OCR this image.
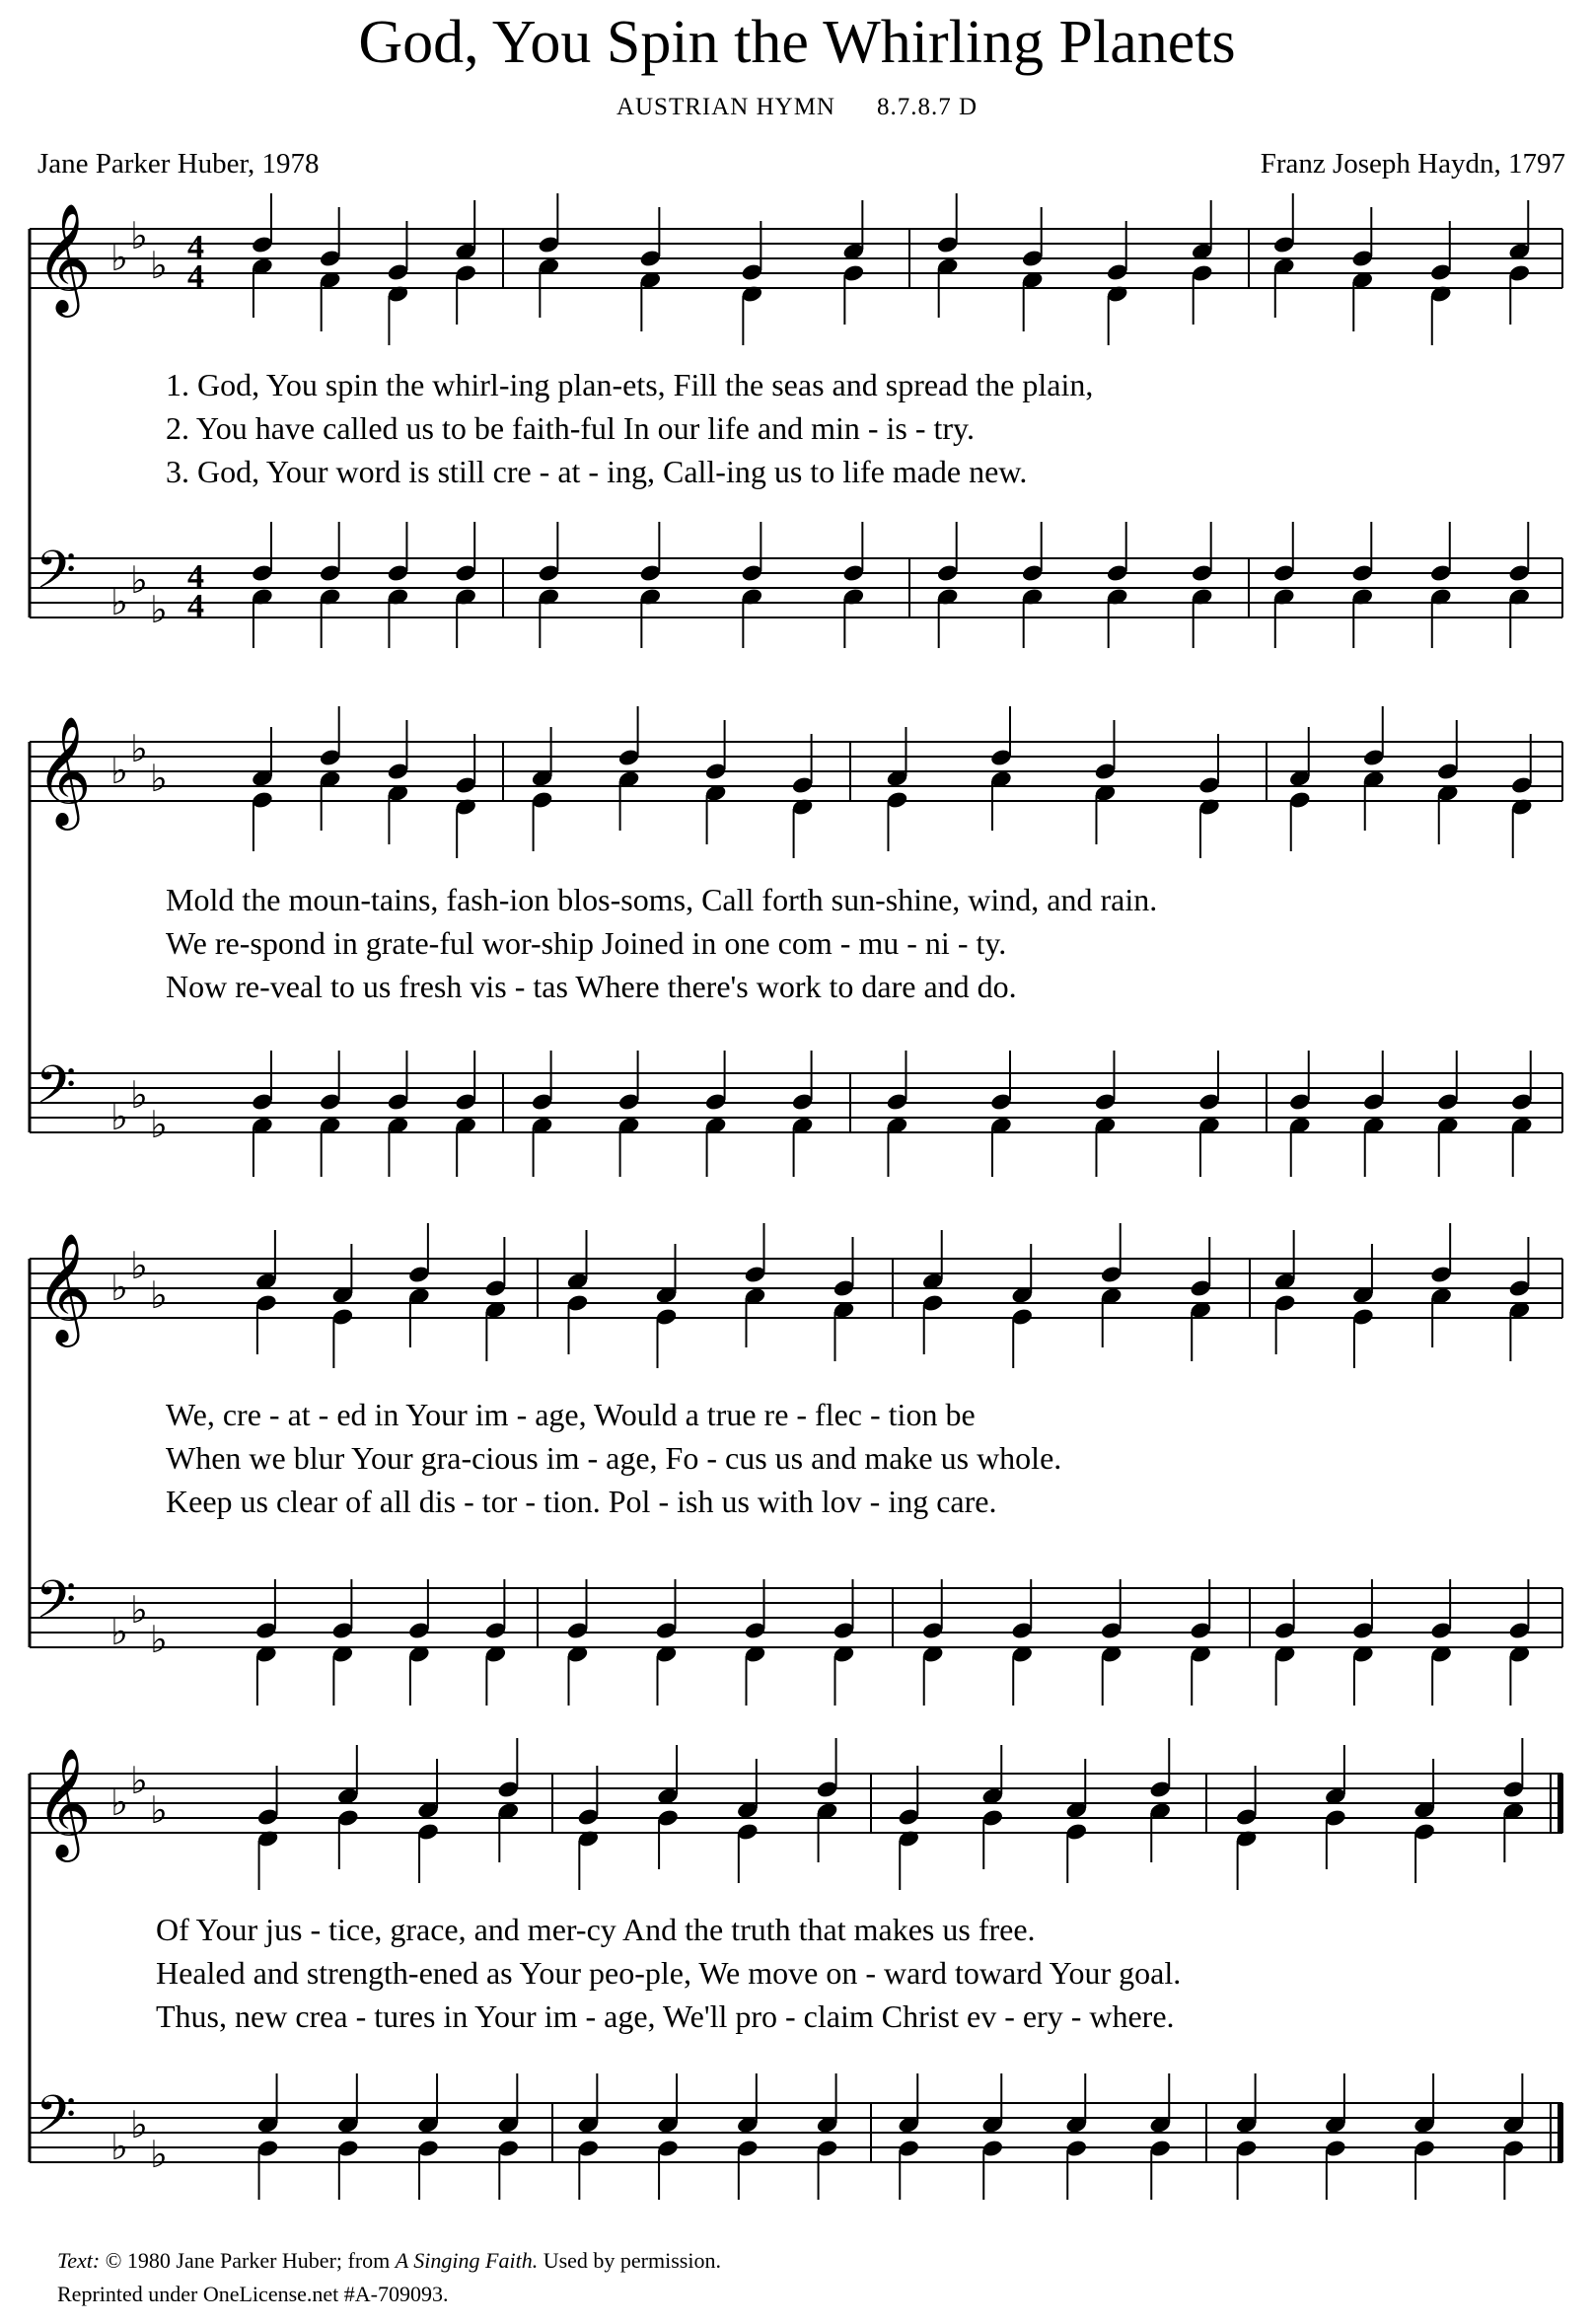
God, You Spin the Whirling Planets
AUSTRIAN HYMN 8.7.8.7 D
Jane Parker Huber, 1978	Franz Joseph Haydn, 1797
𝄞 ♭ ♭
♭ 4
4
𝄢 ♭ ♭
♭
4
4
𝄞 ♭ ♭
♭
𝄢 ♭ ♭
♭
𝄞 ♭ ♭
♭
𝄢 ♭ ♭
♭
𝄞 ♭ ♭
♭
𝄢 ♭ ♭
♭
1. God, You spin the whirl-ing plan-ets, Fill the seas and spread the plain,
2. You have called us to be faith-ful In our life and min - is - try.
3. God, Your word is still cre - at - ing, Call-ing us to life made new.
Mold the moun-tains, fash-ion blos-soms, Call forth sun-shine, wind, and rain.
We re-spond in grate-ful wor-ship Joined in one com - mu - ni - ty.
Now re-veal to us fresh vis - tas Where there's work to dare and do.
We, cre - at - ed in Your im - age, Would a true re - flec - tion be
When we blur Your gra-cious im - age, Fo - cus us and make us whole.
Keep us clear of all dis - tor - tion. Pol - ish us with lov - ing care.
Of Your jus - tice, grace, and mer-cy And the truth that makes us free.
Healed and strength-ened as Your peo-ple, We move on - ward toward Your goal.
Thus, new crea - tures in Your im - age, We'll pro - claim Christ ev - ery - where.
Text: © 1980 Jane Parker Huber; from A Singing Faith. Used by permission.
Reprinted under OneLicense.net #A-709093.
